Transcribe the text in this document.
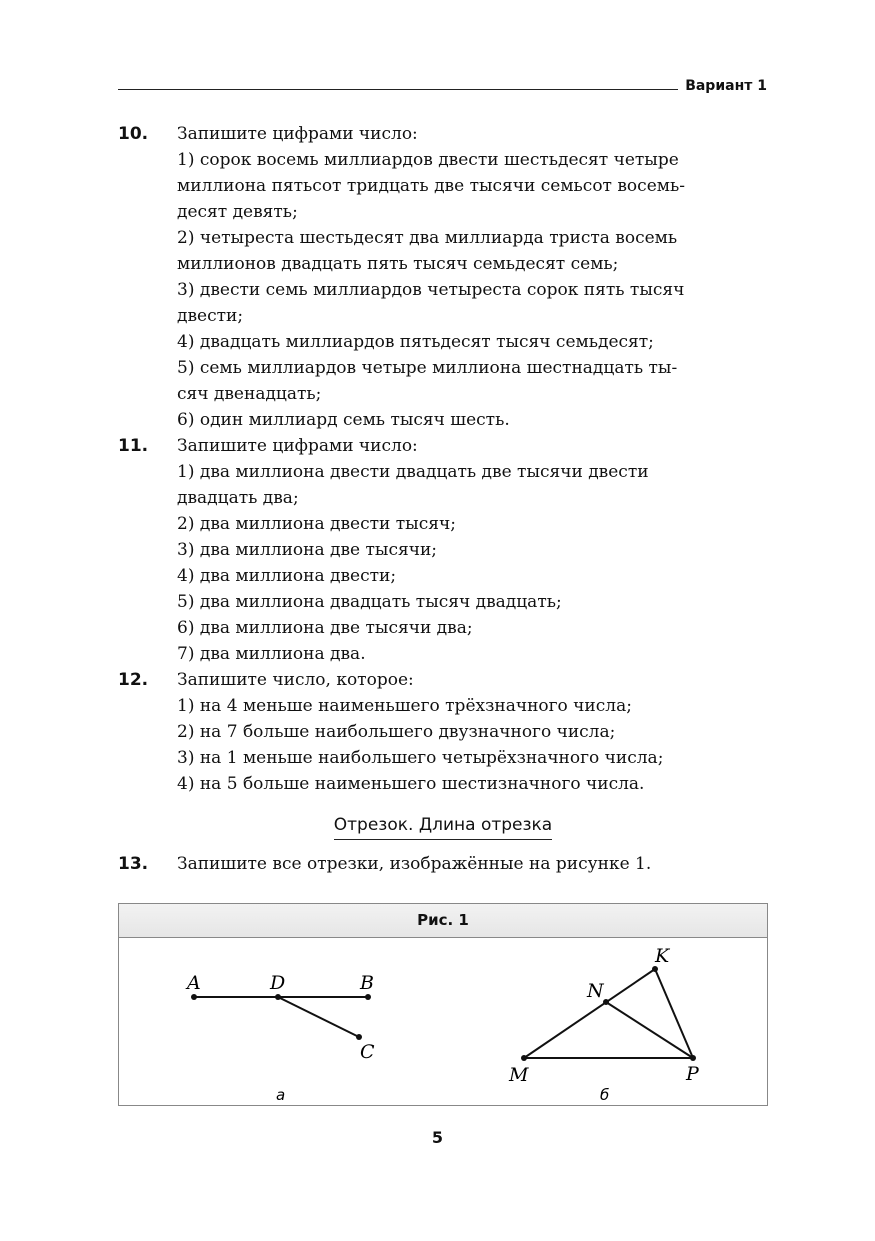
Вариант 1
10. Запишите цифрами число:
1) сорок восемь миллиардов двести шестьдесят четыре
миллиона пятьсот тридцать две тысячи семьсот восемь-
десят девять;
2) четыреста шестьдесят два миллиарда триста восемь
миллионов двадцать пять тысяч семьдесят семь;
3) двести семь миллиардов четыреста сорок пять тысяч
двести;
4) двадцать миллиардов пятьдесят тысяч семьдесят;
5) семь миллиардов четыре миллиона шестнадцать ты-
сяч двенадцать;
6) один миллиард семь тысяч шесть.
11. Запишите цифрами число:
1) два миллиона двести двадцать две тысячи двести
двадцать два;
2) два миллиона двести тысяч;
3) два миллиона две тысячи;
4) два миллиона двести;
5) два миллиона двадцать тысяч двадцать;
6) два миллиона две тысячи два;
7) два миллиона два.
12. Запишите число, которое:
1) на 4 меньше наименьшего трёхзначного числа;
2) на 7 больше наибольшего двузначного числа;
3) на 1 меньше наибольшего четырёхзначного числа;
4) на 5 больше наименьшего шестизначного числа.
Отрезок. Длина отрезка
13. Запишите все отрезки, изображённые на рисунке 1.
Рис. 1
A	D	B
C
а
K
N
M	P
б
5
